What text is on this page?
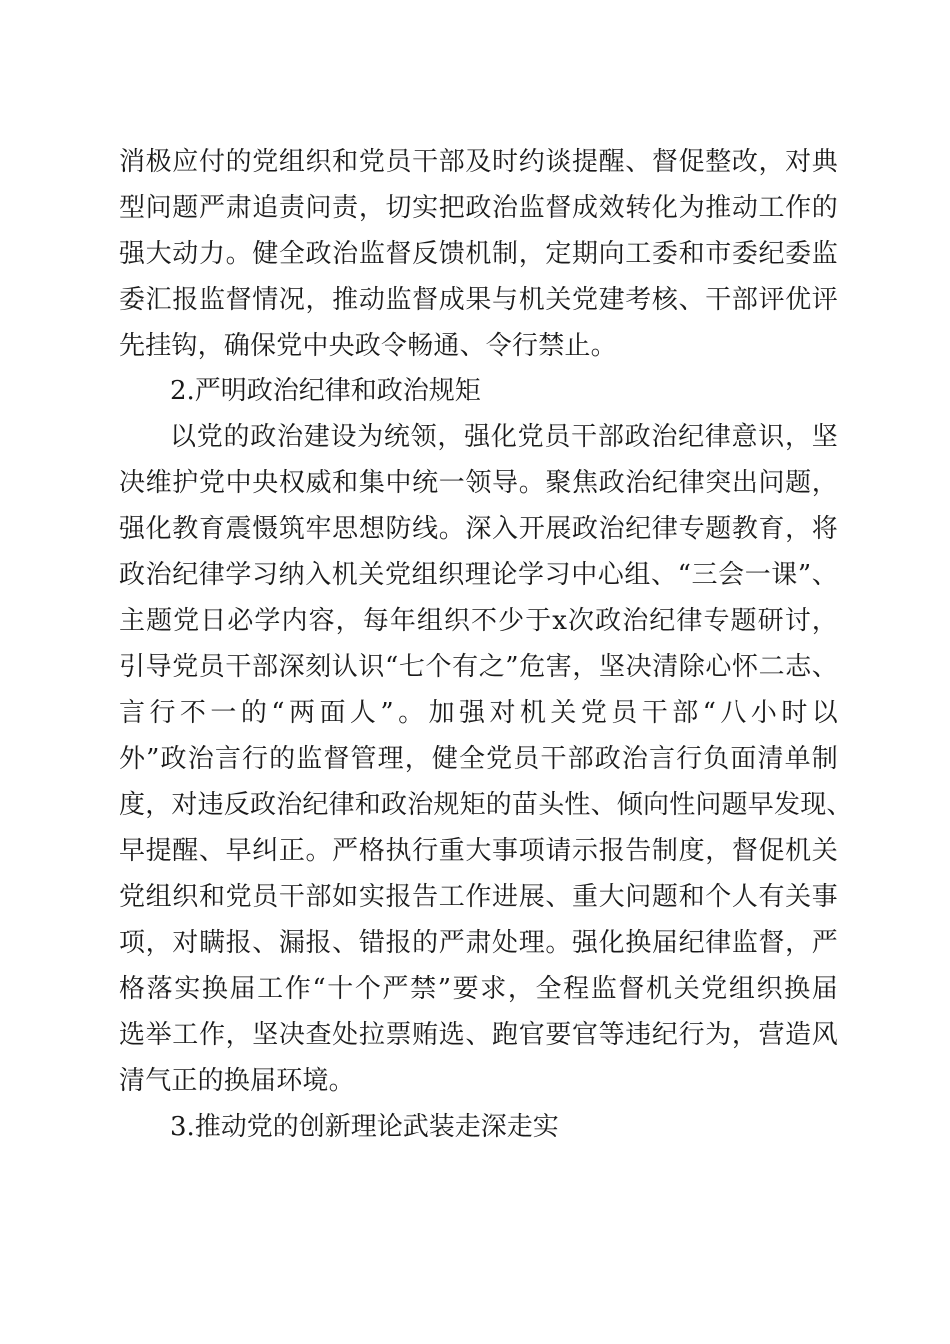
消极应付的党组织和党员干部及时约谈提醒、督促整改，对典
型问题严肃追责问责，切实把政治监督成效转化为推动工作的
强大动力。健全政治监督反馈机制，定期向工委和市委纪委监
委汇报监督情况，推动监督成果与机关党建考核、干部评优评
先挂钩，确保党中央政令畅通、令行禁止。
2.严明政治纪律和政治规矩
以党的政治建设为统领，强化党员干部政治纪律意识，坚
决维护党中央权威和集中统一领导。聚焦政治纪律突出问题，
强化教育震慑筑牢思想防线。深入开展政治纪律专题教育，将
政治纪律学习纳入机关党组织理论学习中心组、“三会一课”、
主题党日必学内容，每年组织不少于x次政治纪律专题研讨，
引导党员干部深刻认识“七个有之”危害，坚决清除心怀二志、
言行不一的“两面人”。加强对机关党员干部“八小时以
外”政治言行的监督管理，健全党员干部政治言行负面清单制
度，对违反政治纪律和政治规矩的苗头性、倾向性问题早发现、
早提醒、早纠正。严格执行重大事项请示报告制度，督促机关
党组织和党员干部如实报告工作进展、重大问题和个人有关事
项，对瞒报、漏报、错报的严肃处理。强化换届纪律监督，严
格落实换届工作“十个严禁”要求，全程监督机关党组织换届
选举工作，坚决查处拉票贿选、跑官要官等违纪行为，营造风
清气正的换届环境。
3.推动党的创新理论武装走深走实
